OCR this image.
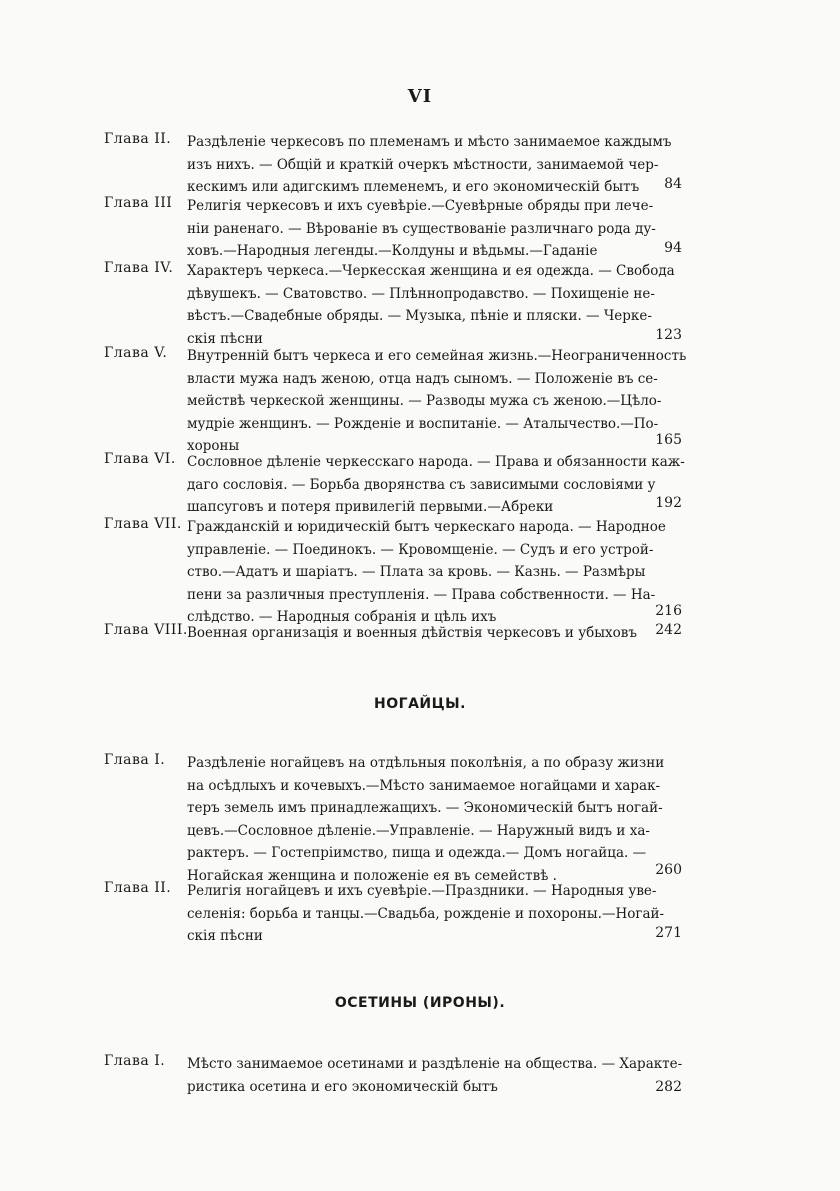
VI
Глава II. Раздѣленіе черкесовъ по племенамъ и мѣсто занимаемое каждымъ
изъ нихъ. — Общій и краткій очеркъ мѣстности, занимаемой чер-
кескимъ или адигскимъ племенемъ, и его экономическій бытъ	84
Глава III Религія черкесовъ и ихъ суевѣріе.—Суевѣрные обряды при лече-
ніи раненаго. — Вѣрованіе въ существованіе различнаго рода ду-
ховъ.—Народныя легенды.—Колдуны и вѣдьмы.—Гаданіе	94
Глава IV. Характеръ черкеса.—Черкесская женщина и ея одежда. — Свобода
дѣвушекъ. — Сватовство. — Плѣннопродавство. — Похищеніе не-
вѣстъ.—Свадебные обряды. — Музыка, пѣніе и пляски. — Черке-
скія пѣсни	123
Глава V. Внутренній бытъ черкеса и его семейная жизнь.—Неограниченность
власти мужа надъ женою, отца надъ сыномъ. — Положеніе въ се-
мействѣ черкеской женщины. — Разводы мужа съ женою.—Цѣло-
мудріе женщинъ. — Рожденіе и воспитаніе. — Аталычество.—По-
хороны	165
Глава VI. Сословное дѣленіе черкесскаго народа. — Права и обязанности каж-
даго сословія. — Борьба дворянства съ зависимыми сословіями у
шапсуговъ и потеря привилегій первыми.—Абреки	192
Глава VII. Гражданскій и юридическій бытъ черкескаго народа. — Народное
управленіе. — Поединокъ. — Кровомщеніе. — Судъ и его устрой-
ство.—Адатъ и шаріатъ. — Плата за кровь. — Казнь. — Размѣры
пени за различныя преступленія. — Права собственности. — На-
слѣдство. — Народныя собранія и цѣль ихъ	216
Глава VIII. Военная организація и военныя дѣйствія черкесовъ и убыховъ	242
НОГАЙЦЫ.
Глава I. Раздѣленіе ногайцевъ на отдѣльныя поколѣнія, а по образу жизни
на осѣдлыхъ и кочевыхъ.—Мѣсто занимаемое ногайцами и харак-
теръ земель имъ принадлежащихъ. — Экономическій бытъ ногай-
цевъ.—Сословное дѣленіе.—Управленіе. — Наружный видъ и ха-
рактеръ. — Гостепріимство, пища и одежда.— Домъ ногайца. —
Ногайская женщина и положеніе ея въ семействѣ .	260
Глава II. Религія ногайцевъ и ихъ суевѣріе.—Праздники. — Народныя уве-
селенія: борьба и танцы.—Свадьба, рожденіе и похороны.—Ногай-
скія пѣсни	271
ОСЕТИНЫ (ИРОНЫ).
Глава I. Мѣсто занимаемое осетинами и раздѣленіе на общества. — Характе-
ристика осетина и его экономическій бытъ	282
